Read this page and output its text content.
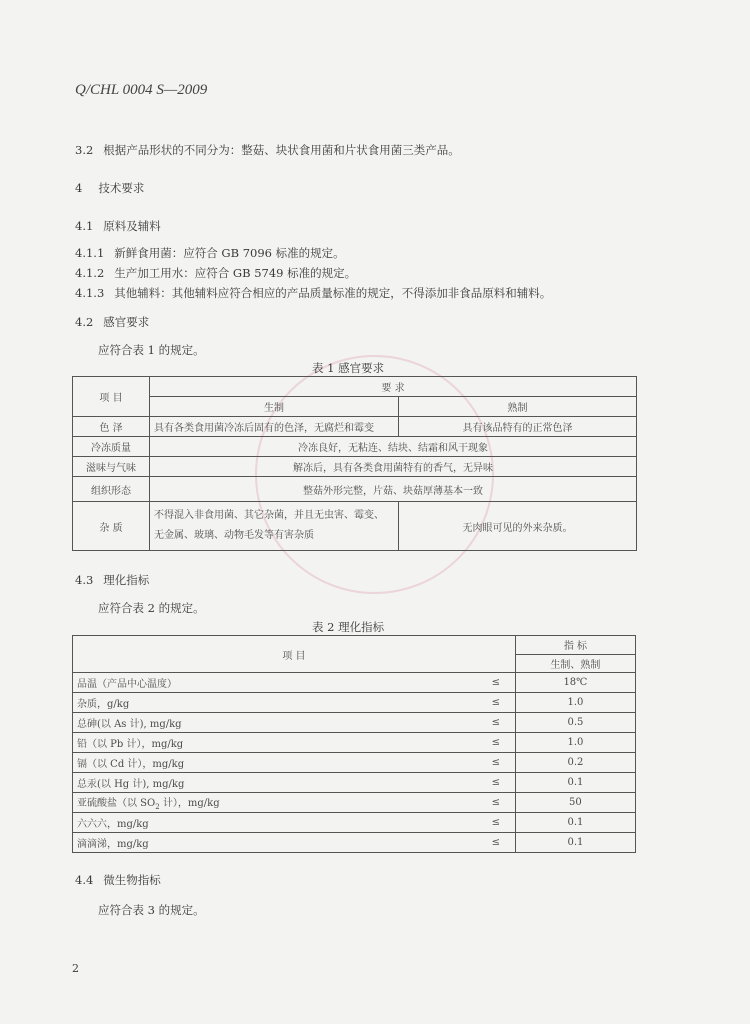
Q/CHL 0004 S—2009
3.2 根据产品形状的不同分为：整菇、块状食用菌和片状食用菌三类产品。
4 技术要求
4.1 原料及辅料
4.1.1 新鲜食用菌：应符合 GB 7096 标准的规定。
4.1.2 生产加工用水：应符合 GB 5749 标准的规定。
4.1.3 其他辅料：其他辅料应符合相应的产品质量标准的规定，不得添加非食品原料和辅料。
4.2 感官要求
应符合表 1 的规定。
表 1 感官要求
项 目	要 求	
	生制	熟制
色 泽	具有各类食用菌冷冻后固有的色泽，无腐烂和霉变	具有该品特有的正常色泽
冷冻质量	冷冻良好，无粘连、结块、结霜和风干现象	
滋味与气味	解冻后，具有各类食用菌特有的香气，无异味	
组织形态	整菇外形完整，片菇、块菇厚薄基本一致	
杂 质	不得混入非食用菌、其它杂菌，并且无虫害、霉变、
无金属、玻璃、动物毛发等有害杂质	无肉眼可见的外来杂质。
4.3 理化指标
应符合表 2 的规定。
表 2 理化指标
项 目		指 标
		生制、熟制
品温（产品中心温度）	≤	18℃
杂质，g/kg	≤	1.0
总砷(以 As 计), mg/kg	≤	0.5
铅（以 Pb 计），mg/kg	≤	1.0
镉（以 Cd 计），mg/kg	≤	0.2
总汞(以 Hg 计), mg/kg	≤	0.1
亚硫酸盐（以 $SO_2$ 计），mg/kg	≤	50
六六六，mg/kg	≤	0.1
滴滴涕，mg/kg	≤	0.1
4.4 微生物指标
应符合表 3 的规定。
2
